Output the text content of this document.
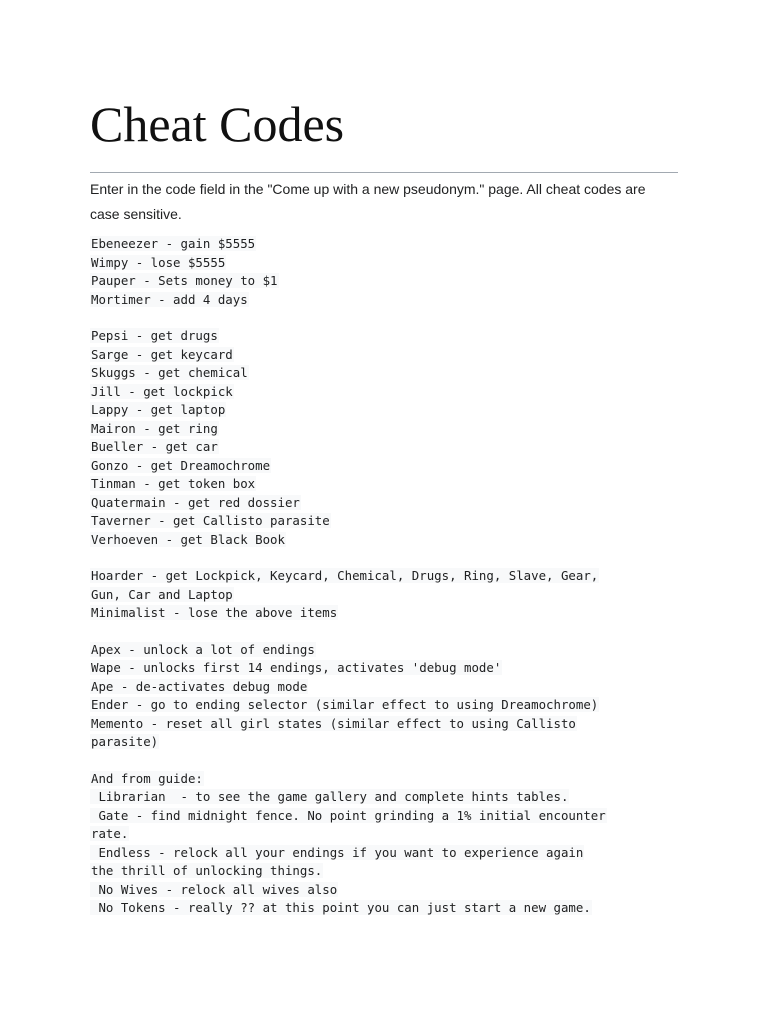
Cheat Codes

Enter in the code field in the "Come up with a new pseudonym." page. All cheat codes are case sensitive.

Ebeneezer - gain $5555
Wimpy - lose $5555
Pauper - Sets money to $1
Mortimer - add 4 days
Pepsi - get drugs
Sarge - get keycard
Skuggs - get chemical
Jill - get lockpick
Lappy - get laptop
Mairon - get ring
Bueller - get car
Gonzo - get Dreamochrome
Tinman - get token box
Quatermain - get red dossier
Taverner - get Callisto parasite
Verhoeven - get Black Book
Hoarder - get Lockpick, Keycard, Chemical, Drugs, Ring, Slave, Gear,
Gun, Car and Laptop
Minimalist - lose the above items
Apex - unlock a lot of endings
Wape - unlocks first 14 endings, activates 'debug mode'
Ape - de-activates debug mode
Ender - go to ending selector (similar effect to using Dreamochrome)
Memento - reset all girl states (similar effect to using Callisto
parasite)
And from guide:
Librarian  - to see the game gallery and complete hints tables.
Gate - find midnight fence. No point grinding a 1% initial encounter
rate.
Endless - relock all your endings if you want to experience again
the thrill of unlocking things.
No Wives - relock all wives also
No Tokens - really ?? at this point you can just start a new game.
